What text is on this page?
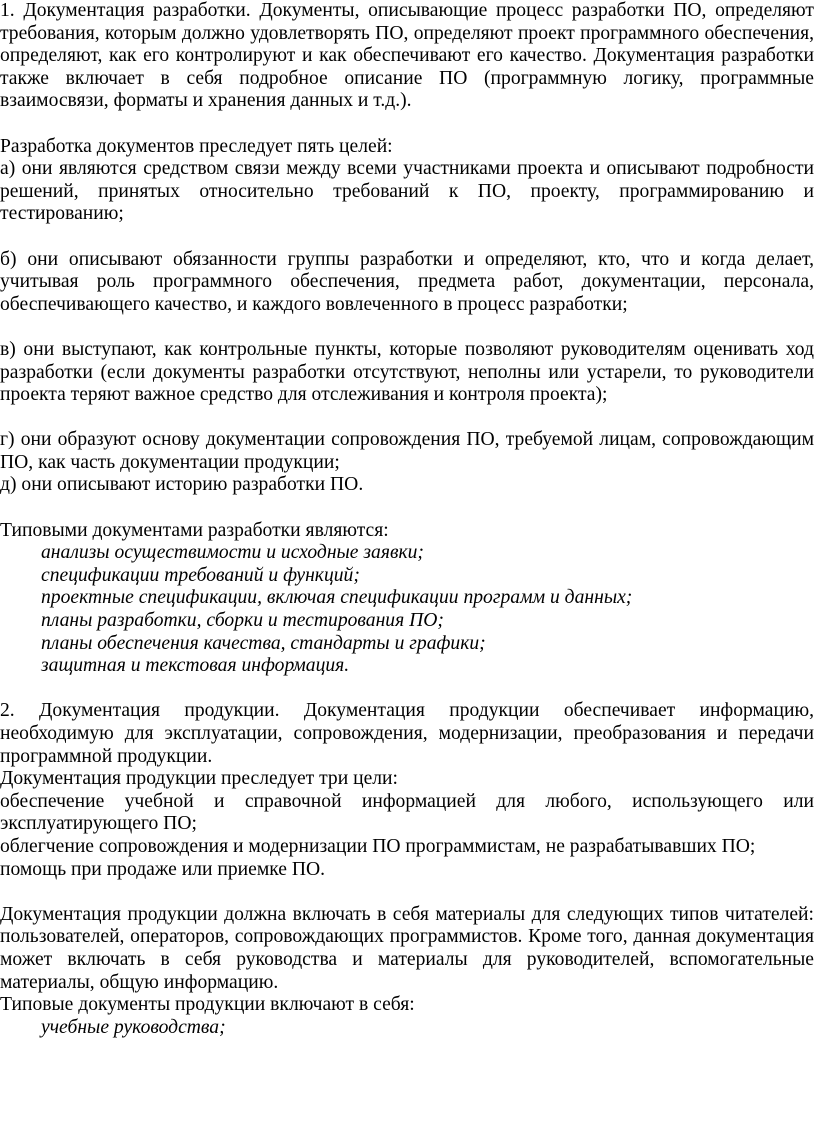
1. Документация разработки. Документы, описывающие процесс разработки ПО, определяют требования, которым должно удовлетворять ПО, определяют проект программного обеспечения, определяют, как его контролируют и как обеспечивают его качество. Документация разработки также включает в себя подробное описание ПО (программную логику, программные взаимосвязи, форматы и хранения данных и т.д.).

Разработка документов преследует пять целей:

а) они являются средством связи между всеми участниками проекта и описывают подробности решений, принятых относительно требований к ПО, проекту, программированию и тестированию;

б) они описывают обязанности группы разработки и определяют, кто, что и когда делает, учитывая роль программного обеспечения, предмета работ, документации, персонала, обеспечивающего качество, и каждого вовлеченного в процесс разработки;

в) они выступают, как контрольные пункты, которые позволяют руководителям оценивать ход разработки (если документы разработки отсутствуют, неполны или устарели, то руководители проекта теряют важное средство для отслеживания и контроля проекта);

г) они образуют основу документации сопровождения ПО, требуемой лицам, сопровождающим ПО, как часть документации продукции;

д) они описывают историю разработки ПО.

Типовыми документами разработки являются:

анализы осуществимости и исходные заявки;
спецификации требований и функций;
проектные спецификации, включая спецификации программ и данных;
планы разработки, сборки и тестирования ПО;
планы обеспечения качества, стандарты и графики;
защитная и текстовая информация.

2. Документация продукции. Документация продукции обеспечивает информацию, необходимую для эксплуатации, сопровождения, модернизации, преобразования и передачи программной продукции.

Документация продукции преследует три цели:

обеспечение учебной и справочной информацией для любого, использующего или эксплуатирующего ПО;

облегчение сопровождения и модернизации ПО программистам, не разрабатывавших ПО;

помощь при продаже или приемке ПО.

Документация продукции должна включать в себя материалы для следующих типов читателей: пользователей, операторов, сопровождающих программистов. Кроме того, данная документация может включать в себя руководства и материалы для руководителей, вспомогательные материалы, общую информацию.

Типовые документы продукции включают в себя:

учебные руководства;
